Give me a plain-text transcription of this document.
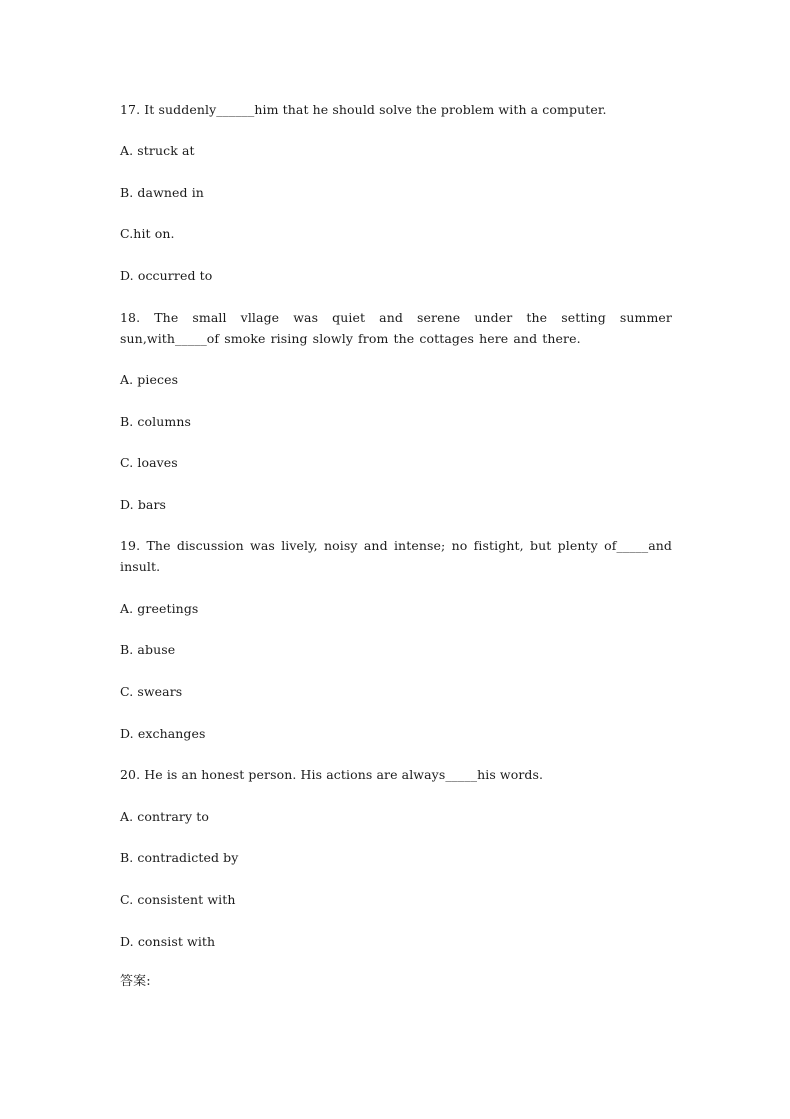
17. It suddenly______him that he should solve the problem with a computer.
A. struck at
B. dawned in
C.hit on.
D. occurred to
18. The small vllage was quiet and serene under the setting summer sun,with_____of smoke rising slowly from the cottages here and there.
A. pieces
B. columns
C. loaves
D. bars
19. The discussion was lively, noisy and intense; no fistight, but plenty of_____and insult.
A. greetings
B. abuse
C. swears
D. exchanges
20. He is an honest person. His actions are always_____his words.
A. contrary to
B. contradicted by
C. consistent with
D. consist with
答案:
